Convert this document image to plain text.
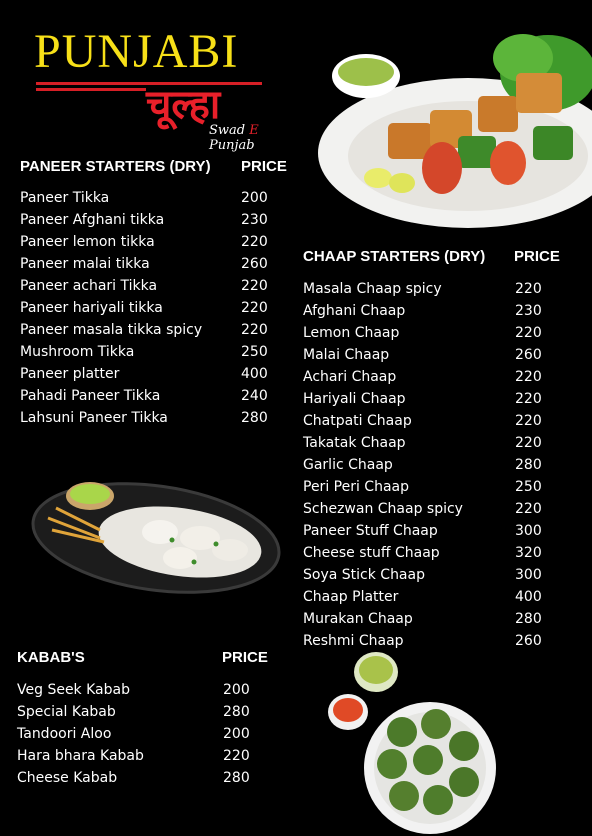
PUNJABI
चूल्हा
Swad E Punjab
PANEER STARTERS (DRY) PRICE
Paneer Tikka	200
Paneer Afghani tikka	230
Paneer lemon tikka	220
Paneer malai tikka	260
Paneer achari Tikka	220
Paneer hariyali tikka	220
Paneer masala tikka spicy	220
Mushroom Tikka	250
Paneer platter	400
Pahadi Paneer Tikka	240
Lahsuni Paneer Tikka	280
CHAAP STARTERS (DRY) PRICE
Masala Chaap spicy	220
Afghani Chaap	230
Lemon Chaap	220
Malai Chaap	260
Achari Chaap	220
Hariyali Chaap	220
Chatpati Chaap	220
Takatak Chaap	220
Garlic Chaap	280
Peri Peri Chaap	250
Schezwan Chaap spicy	220
Paneer Stuff Chaap	300
Cheese stuff Chaap	320
Soya Stick Chaap	300
Chaap Platter	400
Murakan Chaap	280
Reshmi Chaap	260
KABAB'S	PRICE
Veg Seek Kabab	200
Special Kabab	280
Tandoori Aloo	200
Hara bhara Kabab	220
Cheese Kabab	280
